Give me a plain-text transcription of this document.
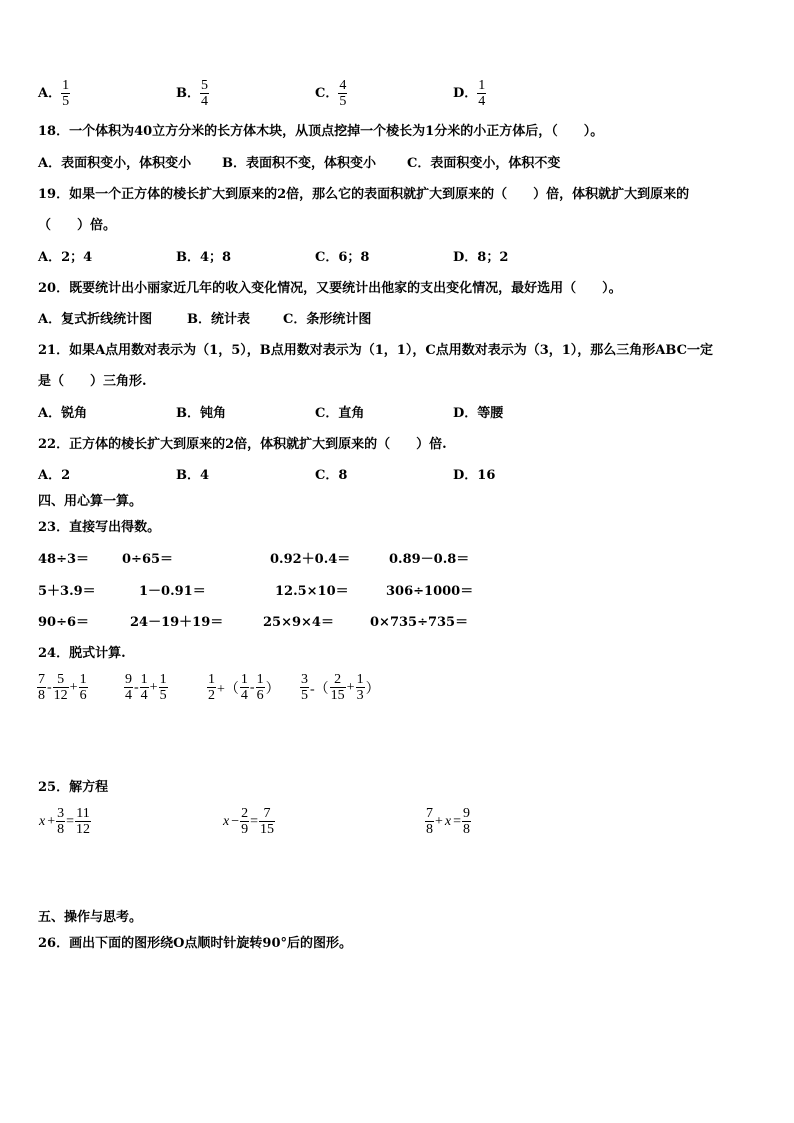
A． $\frac{1}{5}$	B． $\frac{5}{4}$	C． $\frac{4}{5}$	D． $\frac{1}{4}$
18．一个体积为40立方分米的长方体木块，从顶点挖掉一个棱长为1分米的小正方体后，（　　）。
A．表面积变小，体积变小 B．表面积不变，体积变小 C．表面积变小，体积不变
19．如果一个正方体的棱长扩大到原来的2倍，那么它的表面积就扩大到原来的（　　）倍，体积就扩大到原来的
（　　）倍。
A．2；4	B．4；8	C．6；8	D．8；2
20．既要统计出小丽家近几年的收入变化情况，又要统计出他家的支出变化情况，最好选用（　　）。
A．复式折线统计图	B．统计表	C．条形统计图
21．如果A点用数对表示为（1，5），B点用数对表示为（1，1），C点用数对表示为（3，1），那么三角形ABC一定
是（　　）三角形.
A．锐角	B．钝角	C．直角	D．等腰
22．正方体的棱长扩大到原来的2倍，体积就扩大到原来的（　　）倍.
A．2	B．4	C．8	D．16
四、用心算一算。
23．直接写出得数。
48÷3＝	0÷65＝	0.92＋0.4＝	0.89－0.8＝
5＋3.9＝	1－0.91＝	12.5×10＝	306÷1000＝
90÷6＝	24－19＋19＝	25×9×4＝	0×735÷735＝
24．脱式计算.
$\frac{7}{8} - \frac{5}{12} + \frac{1}{6}$	$\frac{9}{4} - \frac{1}{4} + \frac{1}{5}$	$\frac{1}{2}$ +（ $\frac{1}{4} - \frac{1}{6}$ ） $\frac{3}{5}$ -（ $\frac{2}{15} + \frac{1}{3}$ ）
25．解方程
$x + \frac{3}{8} = \frac{11}{12}$	$x - \frac{2}{9} = \frac{7}{15}$	$\frac{7}{8} + x = \frac{9}{8}$
五、操作与思考。
26．画出下面的图形绕O点顺时针旋转90°后的图形。
